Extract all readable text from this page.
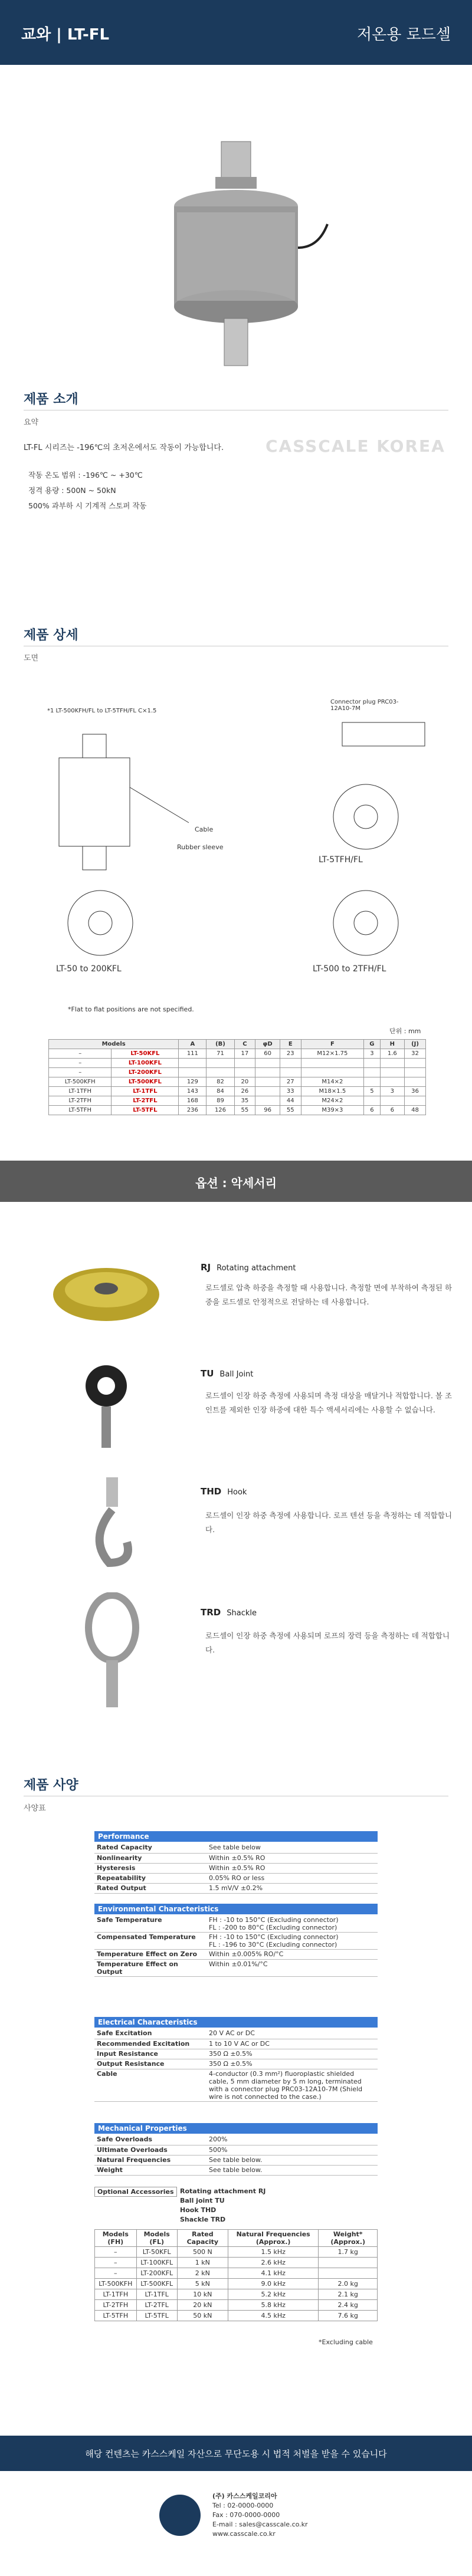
교와 | LT-FL	저온용 로드셀
제품 소개
요약
LT-FL 시리즈는 -196℃의 초저온에서도 작동이 가능합니다.
작동 온도 범위 : -196℃ ~ +30℃
정격 용량 : 500N ~ 50kN
500% 과부하 시 기계적 스토퍼 작동
CASSCALE KOREA
제품 상세
도면
*1 LT-500KFH/FL to LT-5TFH/FL C×1.5
Connector plug PRC03-12A10-7M
Cable
Rubber sleeve
LT-5TFH/FL
LT-50 to 200KFL	LT-500 to 2TFH/FL
*Flat to flat positions are not specified.
단위 : mm
Models		A	(B)	C	φD	E	F	G	H	(J)
–	LT-50KFL	111	71	17	60	23	M12×1.75	3	1.6	32
–	LT-100KFL									
–	LT-200KFL									
LT-500KFH	LT-500KFL	129	82	20		27	M14×2			
LT-1TFH	LT-1TFL	143	84	26		33	M18×1.5	5	3	36
LT-2TFH	LT-2TFL	168	89	35		44	M24×2			
LT-5TFH	LT-5TFL	236	126	55	96	55	M39×3	6	6	48
옵션 : 악세서리
RJ Rotating attachment
로드셀로 압축 하중을 측정할 때 사용합니다. 측정할 면에 부착하여 측정된 하중을 로드셀로 안정적으로 전달하는 데 사용합니다.
TU Ball Joint
로드셀이 인장 하중 측정에 사용되며 측정 대상을 매달거나 적합합니다. 볼 조인트를 제외한 인장 하중에 대한 특수 액세서리에는 사용할 수 없습니다.
THD Hook
로드셀이 인장 하중 측정에 사용합니다. 로프 텐션 등을 측정하는 데 적합합니다.
TRD Shackle
로드셀이 인장 하중 측정에 사용되며 로프의 장력 등을 측정하는 데 적합합니다.
제품 사양
사양표
Performance
Rated Capacity	See table below
Nonlinearity	Within ±0.5% RO
Hysteresis	Within ±0.5% RO
Repeatability	0.05% RO or less
Rated Output	1.5 mV/V ±0.2%
Environmental Characteristics
Safe Temperature	FH : -10 to 150°C (Excluding connector)
FL : -200 to 80°C (Excluding connector)
Compensated Temperature	FH : -10 to 150°C (Excluding connector)
FL : -196 to 30°C (Excluding connector)
Temperature Effect on Zero	Within ±0.005% RO/°C
Temperature Effect on Output	Within ±0.01%/°C
Electrical Characteristics
Safe Excitation	20 V AC or DC
Recommended Excitation	1 to 10 V AC or DC
Input Resistance	350 Ω ±0.5%
Output Resistance	350 Ω ±0.5%
Cable	4-conductor (0.3 mm²) fluoroplastic shielded cable, 5 mm diameter by 5 m long, terminated with a connector plug PRC03-12A10-7M (Shield wire is not connected to the case.)
Mechanical Properties
Safe Overloads	200%
Ultimate Overloads	500%
Natural Frequencies	See table below.
Weight	See table below.
Optional Accessories Rotating attachment RJ
Ball joint TU
Hook THD
Shackle TRD
Models (FH)	Models (FL)	Rated Capacity	Natural Frequencies (Approx.)	Weight* (Approx.)
–	LT-50KFL	500 N	1.5 kHz	1.7 kg
–	LT-100KFL	1 kN	2.6 kHz	
–	LT-200KFL	2 kN	4.1 kHz	
LT-500KFH	LT-500KFL	5 kN	9.0 kHz	2.0 kg
LT-1TFH	LT-1TFL	10 kN	5.2 kHz	2.1 kg
LT-2TFH	LT-2TFL	20 kN	5.8 kHz	2.4 kg
LT-5TFH	LT-5TFL	50 kN	4.5 kHz	7.6 kg
*Excluding cable
해당 컨텐츠는 카스스케일 자산으로 무단도용 시 법적 처벌을 받을 수 있습니다
(주) 카스스케일코리아
Tel : 02-0000-0000
Fax : 070-0000-0000
E-mail : sales@casscale.co.kr
www.casscale.co.kr
